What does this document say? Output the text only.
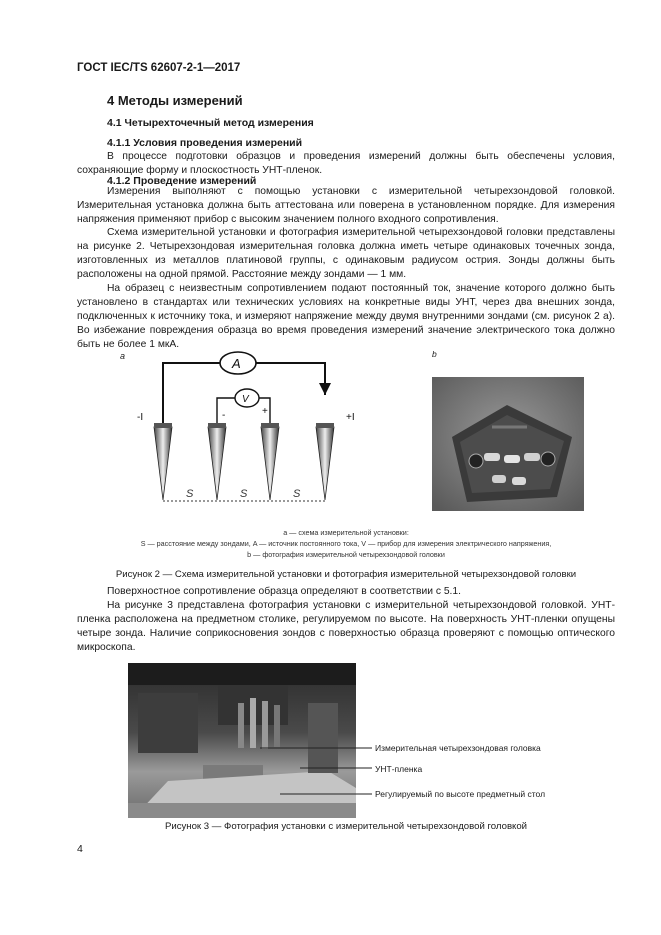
ГОСТ IEC/TS 62607-2-1—2017
4 Методы измерений
4.1 Четырехточечный метод измерения
4.1.1 Условия проведения измерений

В процессе подготовки образцов и проведения измерений должны быть обеспечены условия, сохраняющие форму и плоскостность УНТ-пленок.

4.1.2 Проведение измерений

Измерения выполняют с помощью установки с измерительной четырехзондовой головкой. Измерительная установка должна быть аттестована или поверена в установленном порядке. Для измерения напряжения применяют прибор с высоким значением полного входного сопротивления.

Схема измерительной установки и фотография измерительной четырехзондовой головки представлены на рисунке 2. Четырехзондовая измерительная головка должна иметь четыре одинаковых точечных зонда, изготовленных из металлов платиновой группы, с одинаковым радиусом острия. Зонды должны быть расположены на одной прямой. Расстояние между зондами — 1 мм.

На образец с неизвестным сопротивлением подают постоянный ток, значение которого должно быть установлено в стандартах или технических условиях на конкретные виды УНТ, через два внешних зонда, подключенных к источнику тока, и измеряют напряжение между двумя внутренними зондами (см. рисунок 2 а). Во избежание повреждения образца во время проведения измерений значение электрического тока должно быть не более 1 мкА.

а	A
V
-	+
-I	+I
S	S	S
b
а — схема измерительной установки:
S — расстояние между зондами, A — источник постоянного тока, V — прибор для измерения электрического напряжения,
b — фотография измерительной четырехзондовой головки
Рисунок 2 — Схема измерительной установки и фотография измерительной четырехзондовой головки

Поверхностное сопротивление образца определяют в соответствии с 5.1.

На рисунке 3 представлена фотография установки с измерительной четырехзондовой головкой. УНТ-пленка расположена на предметном столике, регулируемом по высоте. На поверхность УНТ-пленки опущены четыре зонда. Наличие соприкосновения зондов с поверхностью образца проверяют с помощью оптического микроскопа.

Измерительная четырехзондовая головка
УНТ-пленка
Регулируемый по высоте предметный стол
Рисунок 3 — Фотография установки с измерительной четырехзондовой головкой
4
